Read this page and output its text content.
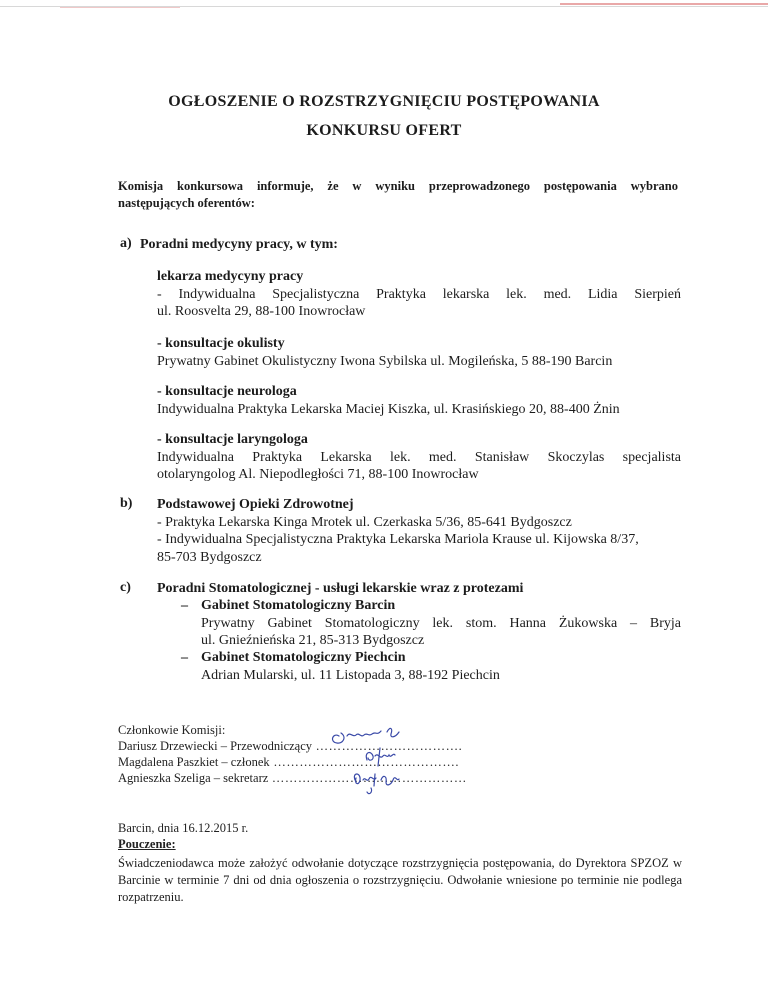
OGŁOSZENIE O ROZSTRZYGNIĘCIU POSTĘPOWANIA
KONKURSU OFERT
Komisja konkursowa informuje, że w wyniku przeprowadzonego postępowania wybrano
następujących oferentów:
a) Poradni medycyny pracy, w tym:
lekarza medycyny pracy
- Indywidualna Specjalistyczna Praktyka lekarska lek. med. Lidia Sierpień
ul. Roosvelta 29, 88-100 Inowrocław
- konsultacje okulisty
Prywatny Gabinet Okulistyczny Iwona Sybilska ul. Mogileńska, 5 88-190 Barcin
- konsultacje neurologa
Indywidualna Praktyka Lekarska Maciej Kiszka, ul. Krasińskiego 20, 88-400 Żnin
- konsultacje laryngologa
Indywidualna Praktyka Lekarska lek. med. Stanisław Skoczylas specjalista
otolaryngolog Al. Niepodległości 71, 88-100 Inowrocław
b) Podstawowej Opieki Zdrowotnej
- Praktyka Lekarska Kinga Mrotek ul. Czerkaska 5/36, 85-641 Bydgoszcz
- Indywidualna Specjalistyczna Praktyka Lekarska Mariola Krause ul. Kijowska 8/37,
85-703 Bydgoszcz
c) Poradni Stomatologicznej - usługi lekarskie wraz z protezami
– Gabinet Stomatologiczny Barcin
Prywatny Gabinet Stomatologiczny lek. stom. Hanna Żukowska – Bryja
ul. Gnieźnieńska 21, 85-313 Bydgoszcz
– Gabinet Stomatologiczny Piechcin
Adrian Mularski, ul. 11 Listopada 3, 88-192 Piechcin
Członkowie Komisji:
Dariusz Drzewiecki – Przewodniczący …………………………….
Magdalena Paszkiet – członek …………………………………….
Agnieszka Szeliga – sekretarz ………………………………………
Barcin, dnia 16.12.2015 r.
Pouczenie:
Świadczeniodawca może założyć odwołanie dotyczące rozstrzygnięcia postępowania, do Dyrektora SPZOZ w Barcinie w terminie 7 dni od dnia ogłoszenia o rozstrzygnięciu. Odwołanie wniesione po terminie nie podlega rozpatrzeniu.
